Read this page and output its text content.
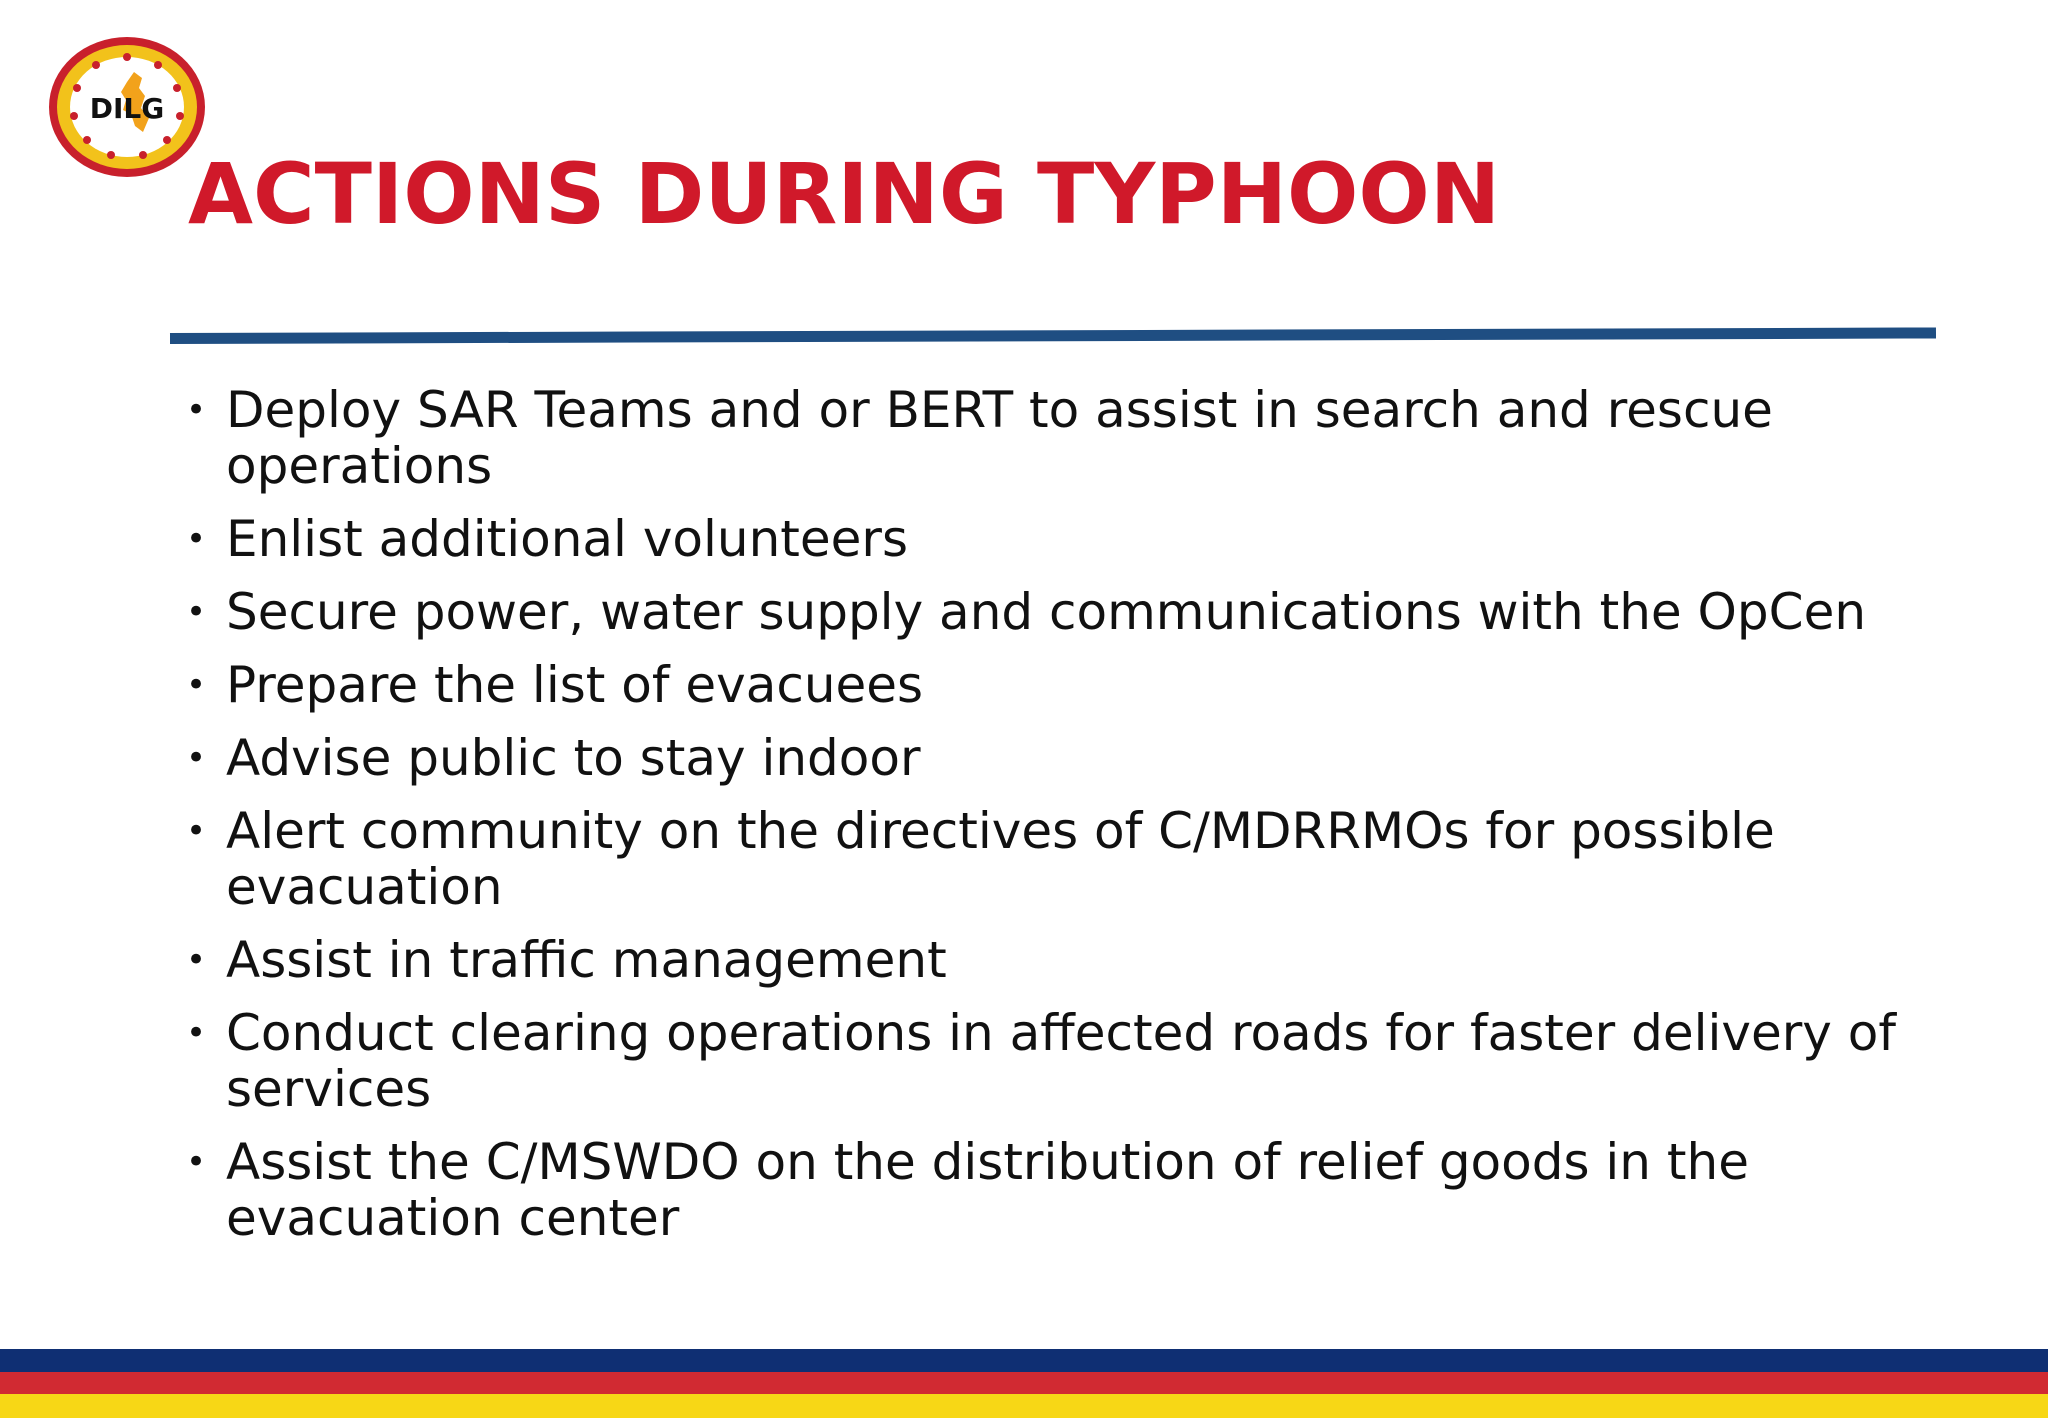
DILG
ACTIONS DURING TYPHOON
• Deploy SAR Teams and or BERT to assist in search and rescue operations
• Enlist additional volunteers
• Secure power, water supply and communications with the OpCen
• Prepare the list of evacuees
• Advise public to stay indoor
• Alert community on the directives of C/MDRRMOs for possible evacuation
• Assist in traffic management
• Conduct clearing operations in affected roads for faster delivery of services
• Assist the C/MSWDO on the distribution of relief goods in the evacuation center
